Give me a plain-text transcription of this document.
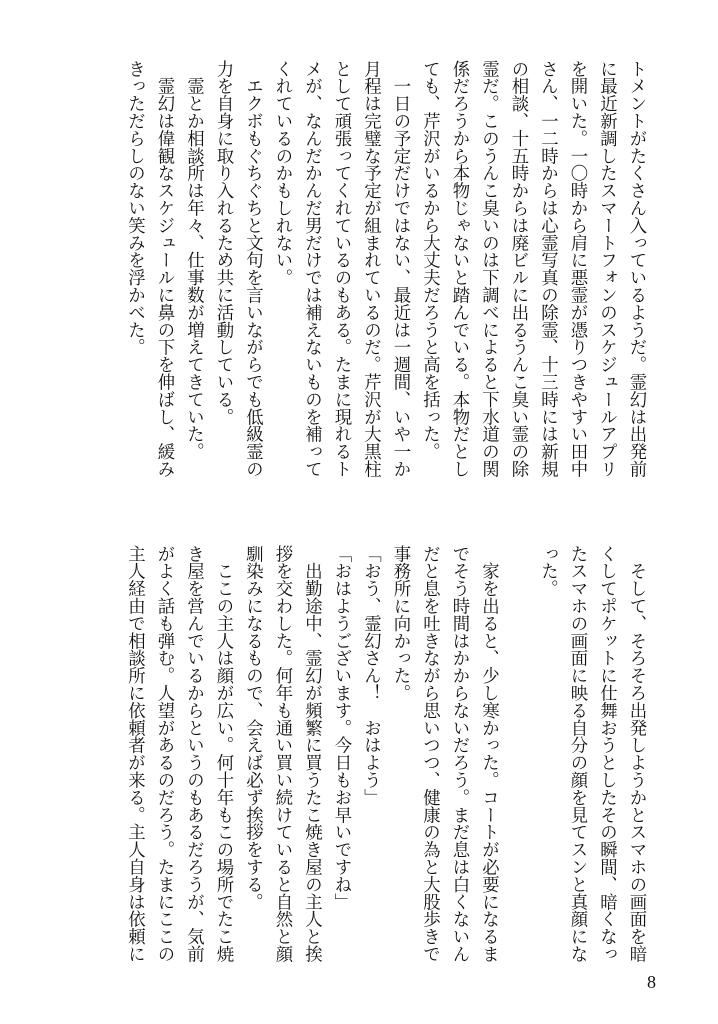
トメントがたくさん入っているようだ。霊幻は出発前

に最近新調したスマートフォンのスケジュールアプリ

を開いた。一〇時から肩に悪霊が憑りつきやすい田中

さん、一二時からは心霊写真の除霊、十三時には新規

の相談、十五時からは廃ビルに出るうんこ臭い霊の除

霊だ。このうんこ臭いのは下調べによると下水道の関

係だろうから本物じゃないと踏んでいる。本物だとし

ても、芹沢がいるから大丈夫だろうと高を括った。

　一日の予定だけではない、最近は一週間、いや一か

月程は完璧な予定が組まれているのだ。芹沢が大黒柱

として頑張ってくれているのもある。たまに現れるト

メが、なんだかんだ男だけでは補えないものを補って

くれているのかもしれない。

　エクボもぐちぐちと文句を言いながらでも低級霊の

力を自身に取り入れるため共に活動している。

　霊とか相談所は年々、仕事数が増えてきていた。

　霊幻は偉観なスケジュールに鼻の下を伸ばし、緩み

きっただらしのない笑みを浮かべた。

　そして、そろそろ出発しようかとスマホの画面を暗

くしてポケットに仕舞おうとしたその瞬間、暗くなっ

たスマホの画面に映る自分の顔を見てスンと真顔にな

った。

　家を出ると、少し寒かった。コートが必要になるま

でそう時間はかからないだろう。まだ息は白くないん

だと息を吐きながら思いつつ、健康の為と大股歩きで

事務所に向かった。

「おう、霊幻さん！　おはよう」

「おはようございます。今日もお早いですね」

　出勤途中、霊幻が頻繁に買うたこ焼き屋の主人と挨

拶を交わした。何年も通い買い続けていると自然と顔

馴染みになるもので、会えば必ず挨拶をする。

　ここの主人は顔が広い。何十年もこの場所でたこ焼

き屋を営んでいるからというのもあるだろうが、気前

がよく話も弾む。人望があるのだろう。たまにここの

主人経由で相談所に依頼者が来る。主人自身は依頼に

8
